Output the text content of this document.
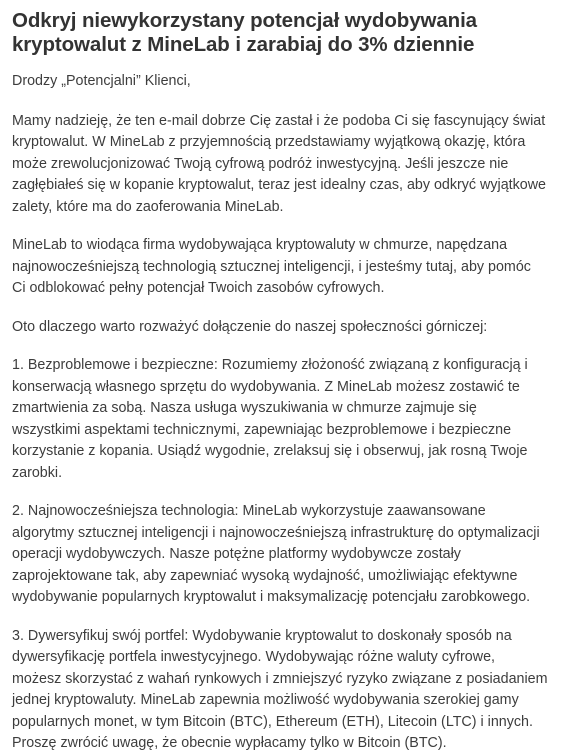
Odkryj niewykorzystany potencjał wydobywania kryptowalut z MineLab i zarabiaj do 3% dziennie

Drodzy „Potencjalni” Klienci,

Mamy nadzieję, że ten e-mail dobrze Cię zastał i że podoba Ci się fascynujący świat kryptowalut. W MineLab z przyjemnością przedstawiamy wyjątkową okazję, która może zrewolucjonizować Twoją cyfrową podróż inwestycyjną. Jeśli jeszcze nie zagłębiałeś się w kopanie kryptowalut, teraz jest idealny czas, aby odkryć wyjątkowe zalety, które ma do zaoferowania MineLab.

MineLab to wiodąca firma wydobywająca kryptowaluty w chmurze, napędzana najnowocześniejszą technologią sztucznej inteligencji, i jesteśmy tutaj, aby pomóc Ci odblokować pełny potencjał Twoich zasobów cyfrowych.

Oto dlaczego warto rozważyć dołączenie do naszej społeczności górniczej:

1. Bezproblemowe i bezpieczne: Rozumiemy złożoność związaną z konfiguracją i konserwacją własnego sprzętu do wydobywania. Z MineLab możesz zostawić te zmartwienia za sobą. Nasza usługa wyszukiwania w chmurze zajmuje się wszystkimi aspektami technicznymi, zapewniając bezproblemowe i bezpieczne korzystanie z kopania. Usiądź wygodnie, zrelaksuj się i obserwuj, jak rosną Twoje zarobki.

2. Najnowocześniejsza technologia: MineLab wykorzystuje zaawansowane algorytmy sztucznej inteligencji i najnowocześniejszą infrastrukturę do optymalizacji operacji wydobywczych. Nasze potężne platformy wydobywcze zostały zaprojektowane tak, aby zapewniać wysoką wydajność, umożliwiając efektywne wydobywanie popularnych kryptowalut i maksymalizację potencjału zarobkowego.

3. Dywersyfikuj swój portfel: Wydobywanie kryptowalut to doskonały sposób na dywersyfikację portfela inwestycyjnego. Wydobywając różne waluty cyfrowe, możesz skorzystać z wahań rynkowych i zmniejszyć ryzyko związane z posiadaniem jednej kryptowaluty. MineLab zapewnia możliwość wydobywania szerokiej gamy popularnych monet, w tym Bitcoin (BTC), Ethereum (ETH), Litecoin (LTC) i innych. Proszę zwrócić uwagę, że obecnie wypłacamy tylko w Bitcoin (BTC).
